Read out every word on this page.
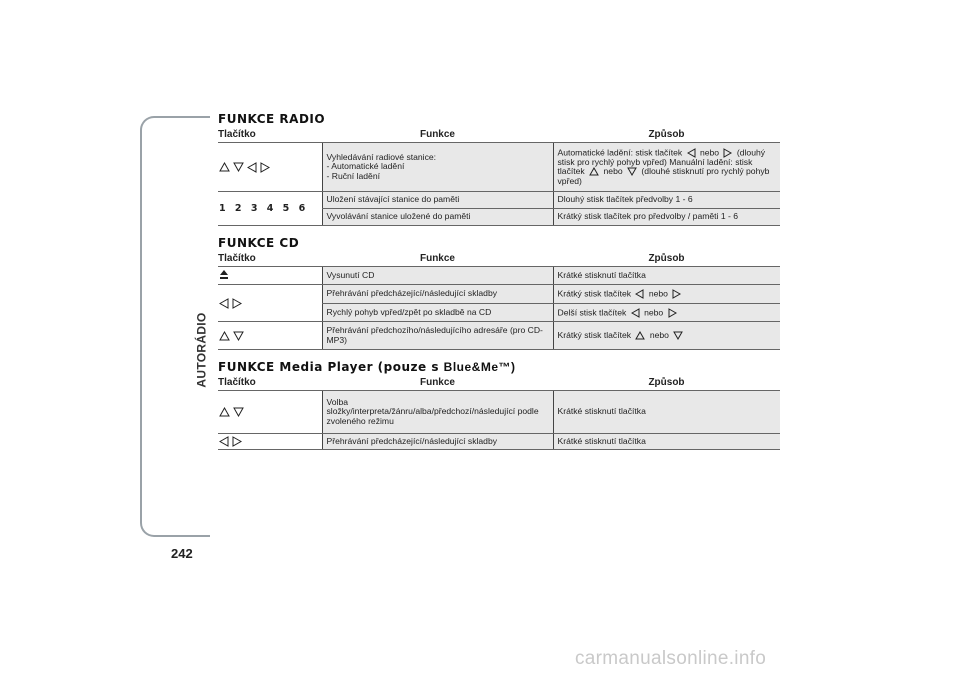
AUTORÁDIO
242
FUNKCE RADIO
Tlačítko	Funkce	Způsob

	Vyhledávání radiové stanice:
- Automatické ladění
- Ruční ladění	Automatické ladění: stisk tlačítek nebo (dlouhý stisk pro rychlý pohyb vpřed) Manuální ladění: stisk tlačítek nebo (dlouhé stisknutí pro rychlý pohyb vpřed)
1 2 3 4 5 6	Uložení stávající stanice do paměti	Dlouhý stisk tlačítek předvolby 1 - 6
	Vyvolávání stanice uložené do paměti	Krátký stisk tlačítek pro předvolby / paměti 1 - 6
FUNKCE CD
Tlačítko	Funkce	Způsob
	Vysunutí CD	Krátké stisknutí tlačítka

	Přehrávání předcházející/následující skladby	Krátký stisk tlačítek nebo
	Rychlý pohyb vpřed/zpět po skladbě na CD	Delší stisk tlačítek nebo

	Přehrávání předchozího/následujícího adresáře (pro CD-MP3)	Krátký stisk tlačítek nebo
FUNKCE Media Player (pouze s Blue&Me™)
Tlačítko	Funkce	Způsob

	Volba
složky/interpreta/žánru/alba/předchozí/následující podle zvoleného režimu	Krátké stisknutí tlačítka

	Přehrávání předcházející/následující skladby	Krátké stisknutí tlačítka
carmanualsonline.info
